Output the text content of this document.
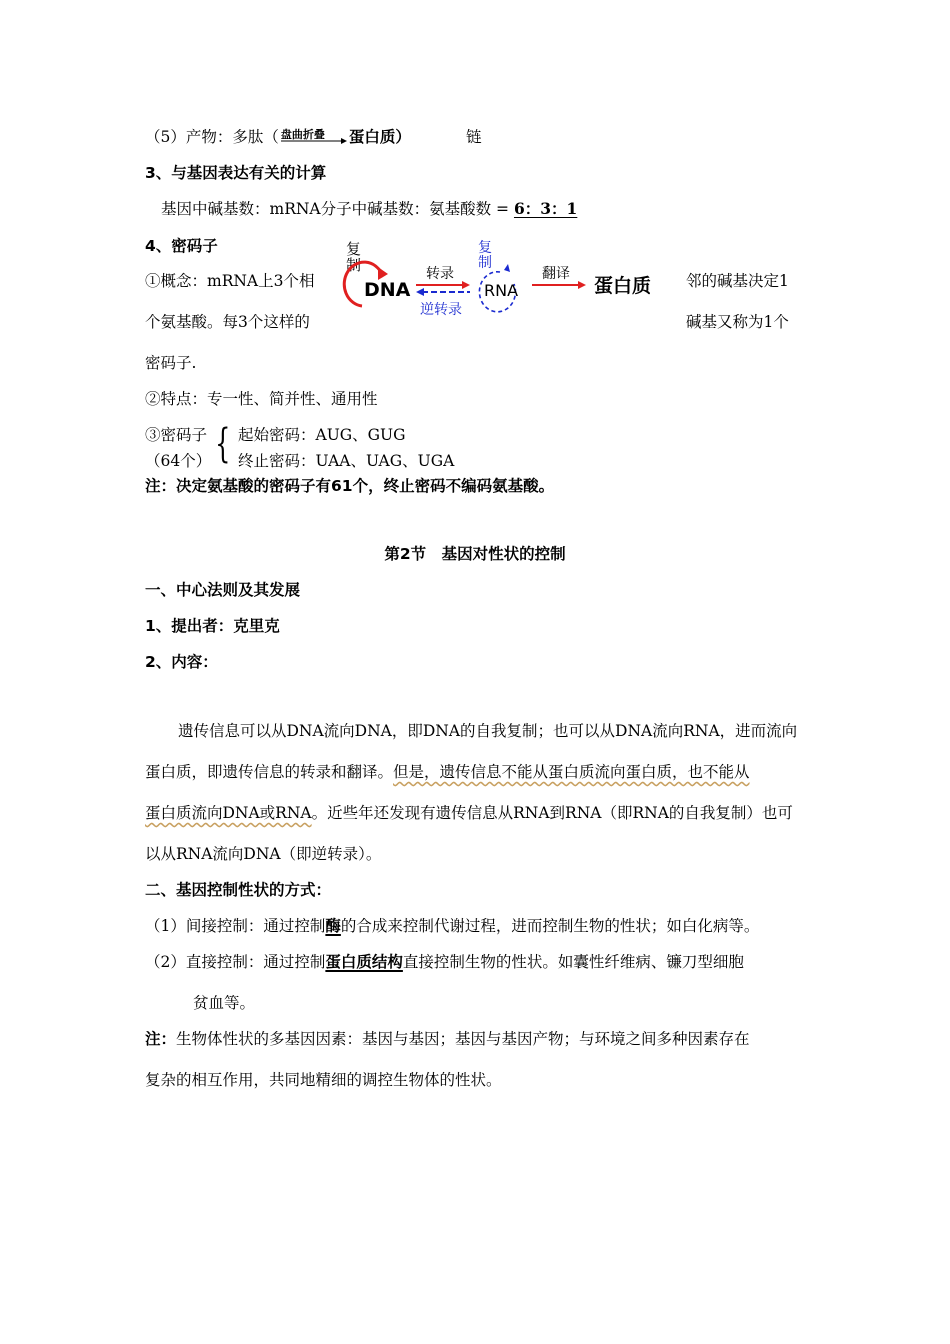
（5）产物：多肽（ 盘曲折叠 蛋白质）	链
3、与基因表达有关的计算
基因中碱基数：mRNA分子中碱基数：氨基酸数 = 6：3：1
4、密码子
①概念：mRNA上3个相	邻的碱基决定1
个氨基酸。每3个这样的	碱基又称为1个
密码子.
复
制
DNA
转录
逆转录
复
制
RNA
翻译
蛋白质
②特点：专一性、简并性、通用性
③密码子
（64个） { 起始密码：AUG、GUG
终止密码：UAA、UAG、UGA
注：决定氨基酸的密码子有61个，终止密码不编码氨基酸。
第2节　基因对性状的控制
一、中心法则及其发展
1、提出者：克里克
2、内容：
遗传信息可以从DNA流向DNA，即DNA的自我复制；也可以从DNA流向RNA，进而流向
蛋白质，即遗传信息的转录和翻译。但是，遗传信息不能从蛋白质流向蛋白质，也不能从
蛋白质流向DNA或RNA。近些年还发现有遗传信息从RNA到RNA（即RNA的自我复制）也可
以从RNA流向DNA（即逆转录）。
二、基因控制性状的方式：
（1）间接控制：通过控制酶的合成来控制代谢过程，进而控制生物的性状；如白化病等。
（2）直接控制：通过控制蛋白质结构直接控制生物的性状。如囊性纤维病、镰刀型细胞
贫血等。
注：生物体性状的多基因因素：基因与基因；基因与基因产物；与环境之间多种因素存在
复杂的相互作用，共同地精细的调控生物体的性状。
